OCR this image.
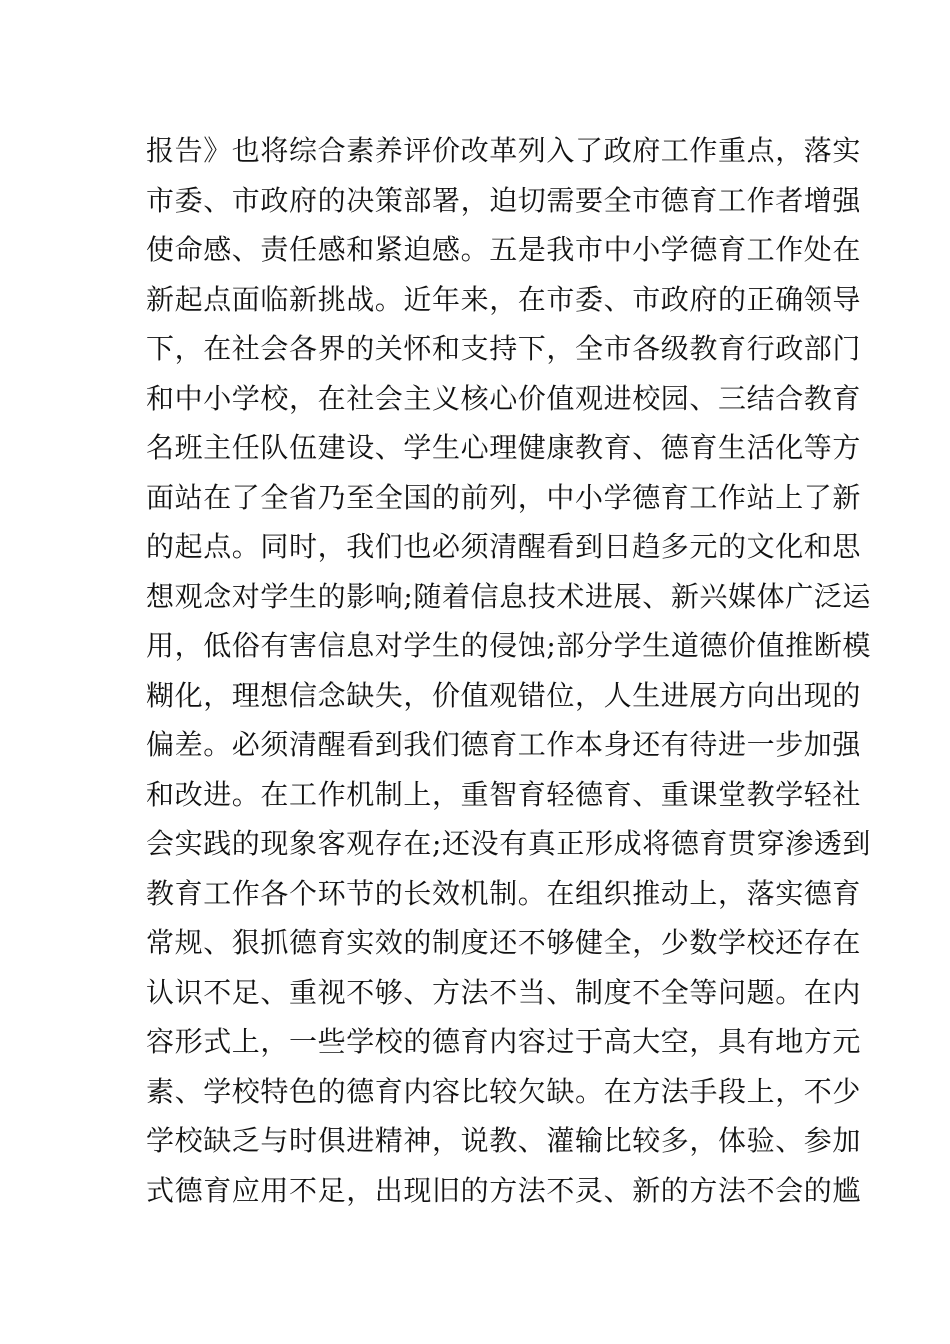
报告》也将综合素养评价改革列入了政府工作重点，落实
市委、市政府的决策部署，迫切需要全市德育工作者增强
使命感、责任感和紧迫感。五是我市中小学德育工作处在
新起点面临新挑战。近年来，在市委、市政府的正确领导
下，在社会各界的关怀和支持下，全市各级教育行政部门
和中小学校，在社会主义核心价值观进校园、三结合教育
名班主任队伍建设、学生心理健康教育、德育生活化等方
面站在了全省乃至全国的前列，中小学德育工作站上了新
的起点。同时，我们也必须清醒看到日趋多元的文化和思
想观念对学生的影响;随着信息技术进展、新兴媒体广泛运
用，低俗有害信息对学生的侵蚀;部分学生道德价值推断模
糊化，理想信念缺失，价值观错位，人生进展方向出现的
偏差。必须清醒看到我们德育工作本身还有待进一步加强
和改进。在工作机制上，重智育轻德育、重课堂教学轻社
会实践的现象客观存在;还没有真正形成将德育贯穿渗透到
教育工作各个环节的长效机制。在组织推动上，落实德育
常规、狠抓德育实效的制度还不够健全，少数学校还存在
认识不足、重视不够、方法不当、制度不全等问题。在内
容形式上，一些学校的德育内容过于高大空，具有地方元
素、学校特色的德育内容比较欠缺。在方法手段上，不少
学校缺乏与时俱进精神，说教、灌输比较多，体验、参加
式德育应用不足，出现旧的方法不灵、新的方法不会的尴
